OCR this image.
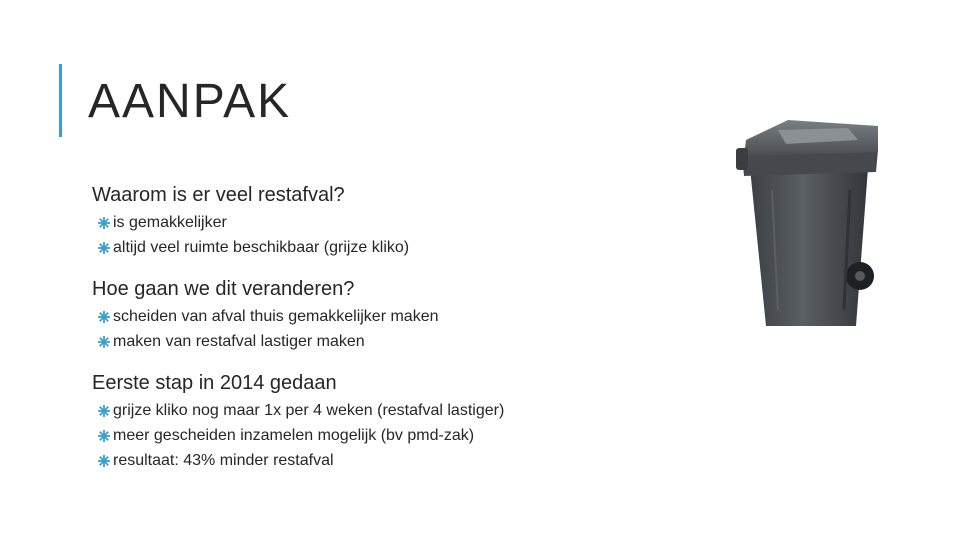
AANPAK
Waarom is er veel restafval?
is gemakkelijker
altijd veel ruimte beschikbaar (grijze kliko)
Hoe gaan we dit veranderen?
scheiden van afval thuis gemakkelijker maken
maken van restafval lastiger maken
Eerste stap in 2014 gedaan
grijze kliko nog maar 1x per 4 weken (restafval lastiger)
meer gescheiden inzamelen mogelijk (bv pmd-zak)
resultaat: 43% minder restafval
